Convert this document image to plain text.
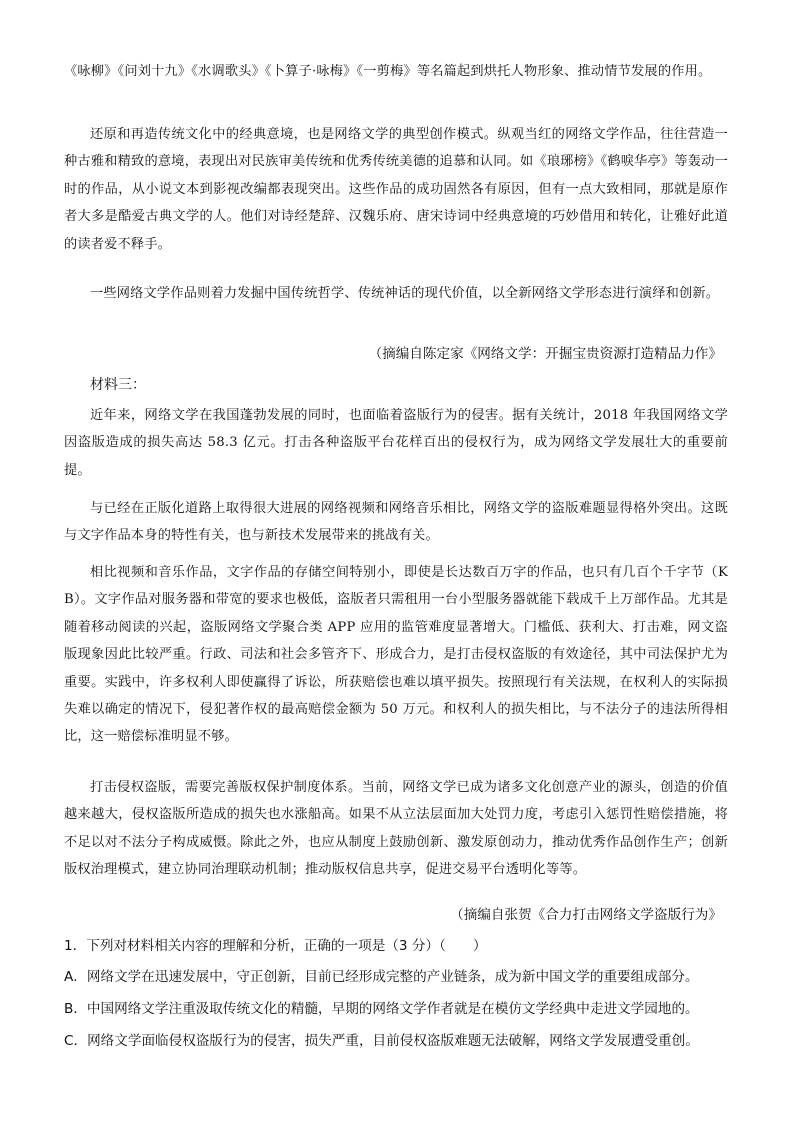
《咏柳》《问刘十九》《水调歌头》《卜算子·咏梅》《一剪梅》等名篇起到烘托人物形象、推动情节发展的作用。

还原和再造传统文化中的经典意境，也是网络文学的典型创作模式。纵观当红的网络文学作品，往往营造一种古雅和精致的意境，表现出对民族审美传统和优秀传统美德的追慕和认同。如《琅琊榜》《鹤唳华亭》等轰动一时的作品，从小说文本到影视改编都表现突出。这些作品的成功固然各有原因，但有一点大致相同，那就是原作者大多是酷爱古典文学的人。他们对诗经楚辞、汉魏乐府、唐宋诗词中经典意境的巧妙借用和转化，让雅好此道的读者爱不释手。

一些网络文学作品则着力发掘中国传统哲学、传统神话的现代价值，以全新网络文学形态进行演绎和创新。

（摘编自陈定家《网络文学：开掘宝贵资源打造精品力作》

材料三：

近年来，网络文学在我国蓬勃发展的同时，也面临着盗版行为的侵害。据有关统计，2018 年我国网络文学因盗版造成的损失高达 58.3 亿元。打击各种盗版平台花样百出的侵权行为，成为网络文学发展壮大的重要前提。

与已经在正版化道路上取得很大进展的网络视频和网络音乐相比，网络文学的盗版难题显得格外突出。这既与文字作品本身的特性有关，也与新技术发展带来的挑战有关。

相比视频和音乐作品，文字作品的存储空间特别小，即使是长达数百万字的作品，也只有几百个千字节（KB）。文字作品对服务器和带宽的要求也极低，盗版者只需租用一台小型服务器就能下载成千上万部作品。尤其是随着移动阅读的兴起，盗版网络文学聚合类 APP 应用的监管难度显著增大。门槛低、获利大、打击难，网文盗版现象因此比较严重。行政、司法和社会多管齐下、形成合力，是打击侵权盗版的有效途径，其中司法保护尤为重要。实践中，许多权利人即使赢得了诉讼，所获赔偿也难以填平损失。按照现行有关法规，在权利人的实际损失难以确定的情况下，侵犯著作权的最高赔偿金额为 50 万元。和权利人的损失相比，与不法分子的违法所得相比，这一赔偿标准明显不够。

打击侵权盗版，需要完善版权保护制度体系。当前，网络文学已成为诸多文化创意产业的源头，创造的价值越来越大，侵权盗版所造成的损失也水涨船高。如果不从立法层面加大处罚力度，考虑引入惩罚性赔偿措施，将不足以对不法分子构成威慑。除此之外，也应从制度上鼓励创新、激发原创动力，推动优秀作品创作生产；创新版权治理模式，建立协同治理联动机制；推动版权信息共享，促进交易平台透明化等等。

（摘编自张贺《合力打击网络文学盗版行为》

1．下列对材料相关内容的理解和分析，正确的一项是（3 分）（　　）

A．网络文学在迅速发展中，守正创新，目前已经形成完整的产业链条，成为新中国文学的重要组成部分。

B．中国网络文学注重汲取传统文化的精髓，早期的网络文学作者就是在模仿文学经典中走进文学园地的。

C．网络文学面临侵权盗版行为的侵害，损失严重，目前侵权盗版难题无法破解，网络文学发展遭受重创。
